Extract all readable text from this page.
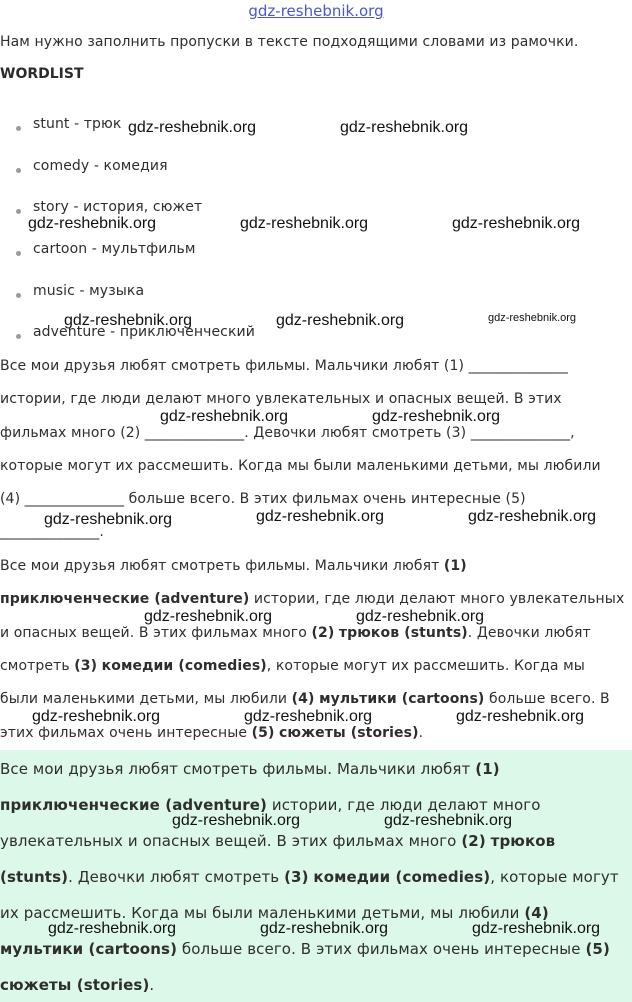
gdz-reshebnik.org
Нам нужно заполнить пропуски в тексте подходящими словами из рамочки.
WORDLIST
stunt - трюк
comedy - комедия
story - история, сюжет
cartoon - мультфильм
music - музыка
adventure - приключенческий
Все мои друзья любят смотреть фильмы. Мальчики любят (1) ______________
истории, где люди делают много увлекательных и опасных вещей. В этих
фильмах много (2) ______________. Девочки любят смотреть (3) ______________,
которые могут их рассмешить. Когда мы были маленькими детьми, мы любили
(4) ______________ больше всего. В этих фильмах очень интересные (5)
______________.
Все мои друзья любят смотреть фильмы. Мальчики любят (1)
приключенческие (adventure) истории, где люди делают много увлекательных
и опасных вещей. В этих фильмах много (2) трюков (stunts). Девочки любят
смотреть (3) комедии (comedies), которые могут их рассмешить. Когда мы
были маленькими детьми, мы любили (4) мультики (cartoons) больше всего. В
этих фильмах очень интересные (5) сюжеты (stories).
Все мои друзья любят смотреть фильмы. Мальчики любят (1)
приключенческие (adventure) истории, где люди делают много
увлекательных и опасных вещей. В этих фильмах много (2) трюков
(stunts). Девочки любят смотреть (3) комедии (comedies), которые могут
их рассмешить. Когда мы были маленькими детьми, мы любили (4)
мультики (cartoons) больше всего. В этих фильмах очень интересные (5)
сюжеты (stories).
gdz-reshebnik.org	gdz-reshebnik.org
gdz-reshebnik.org	gdz-reshebnik.org	gdz-reshebnik.org
gdz-reshebnik.org	gdz-reshebnik.org	gdz-reshebnik.org
gdz-reshebnik.org	gdz-reshebnik.org
gdz-reshebnik.org	gdz-reshebnik.org	gdz-reshebnik.org
gdz-reshebnik.org	gdz-reshebnik.org
gdz-reshebnik.org	gdz-reshebnik.org	gdz-reshebnik.org
gdz-reshebnik.org	gdz-reshebnik.org
gdz-reshebnik.org	gdz-reshebnik.org	gdz-reshebnik.org
